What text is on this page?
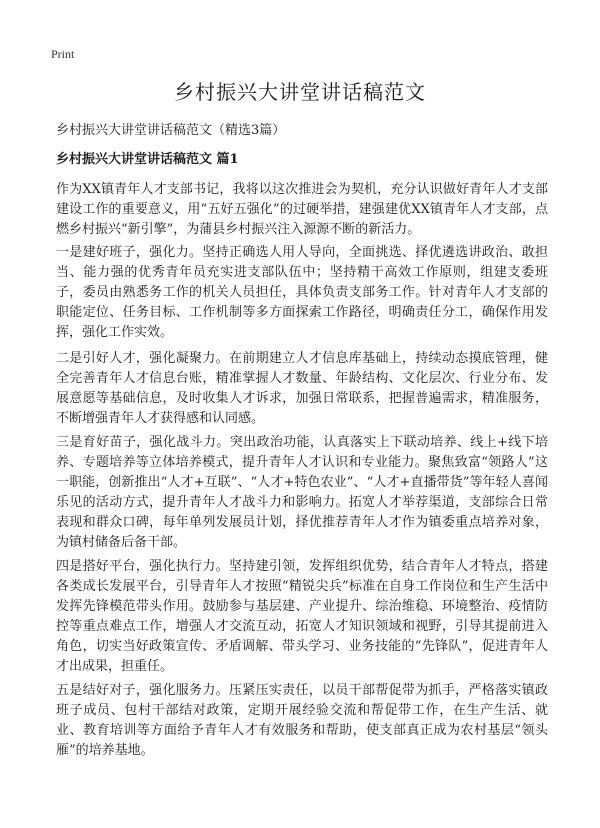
Print
乡村振兴大讲堂讲话稿范文

乡村振兴大讲堂讲话稿范文（精选3篇）

乡村振兴大讲堂讲话稿范文 篇1

作为XX镇青年人才支部书记，我将以这次推进会为契机，充分认识做好青年人才支部建设工作的重要意义，用“五好五强化”的过硬举措，建强建优XX镇青年人才支部，点燃乡村振兴“新引擎”，为蒲县乡村振兴注入源源不断的新活力。

一是建好班子，强化力。坚持正确选人用人导向，全面挑选、择优遴选讲政治、敢担当、能力强的优秀青年员充实进支部队伍中；坚持精干高效工作原则，组建支委班子，委员由熟悉务工作的机关人员担任，具体负责支部务工作。针对青年人才支部的职能定位、任务目标、工作机制等多方面探索工作路径，明确责任分工，确保作用发挥，强化工作实效。

二是引好人才，强化凝聚力。在前期建立人才信息库基础上，持续动态摸底管理，健全完善青年人才信息台账，精准掌握人才数量、年龄结构、文化层次、行业分布、发展意愿等基础信息，及时收集人才诉求，加强日常联系，把握普遍需求，精准服务，不断增强青年人才获得感和认同感。

三是育好苗子，强化战斗力。突出政治功能，认真落实上下联动培养、线上+线下培养、专题培养等立体培养模式，提升青年人才认识和专业能力。聚焦致富“领路人”这一职能，创新推出“人才+互联”、“人才+特色农业”、“人才+直播带货”等年轻人喜闻乐见的活动方式，提升青年人才战斗力和影响力。拓宽人才举荐渠道，支部综合日常表现和群众口碑，每年单列发展员计划，择优推荐青年人才作为镇委重点培养对象，为镇村储备后备干部。

四是搭好平台，强化执行力。坚持建引领，发挥组织优势，结合青年人才特点，搭建各类成长发展平台，引导青年人才按照“精锐尖兵”标准在自身工作岗位和生产生活中发挥先锋模范带头作用。鼓励参与基层建、产业提升、综治维稳、环境整治、疫情防控等重点难点工作，增强人才交流互动，拓宽人才知识领域和视野，引导其提前进入角色，切实当好政策宣传、矛盾调解、带头学习、业务技能的“先锋队”，促进青年人才出成果，担重任。

五是结好对子，强化服务力。压紧压实责任，以员干部帮促带为抓手，严格落实镇政班子成员、包村干部结对政策，定期开展经验交流和帮促带工作，在生产生活、就业、教育培训等方面给予青年人才有效服务和帮助，使支部真正成为农村基层“领头雁”的培养基地。
